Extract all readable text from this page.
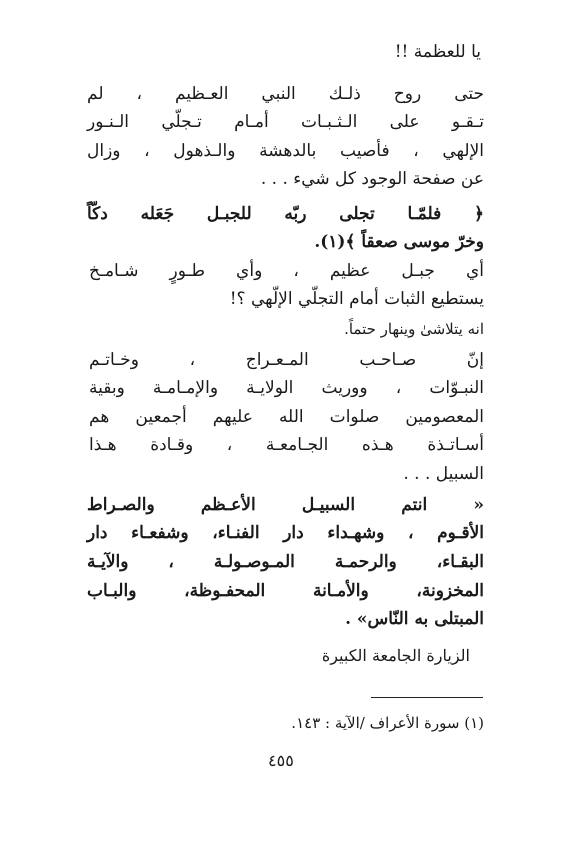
يا للعظمة !!
حتى روح ذلـك النبي العـظيم ، لم
تـقـو على الـثـبـات أمـام تـجلّي الـنـور
الإلهي ، فأصيب بالدهشة والـذهول ، وزال
عن صفحة الوجود كل شيء . . .
﴿ فلمّـا تجلى ربّه للجبـل جَعَله دكّاً
وخرّ موسى صعقاً ﴾(١).
أي جبـل عظيم ، وأي طـورٍ شـامـخ
يستطيع الثبات أمام التجلّي الإلّهي ؟!
انه يتلاشىٰ وينهار حتماً.
إنّ صـاحـب المـعـراج ، وخـاتـم
النبـوّات ، ووريث الولايـة والإمـامـة وبقية
المعصومين صلوات الله عليهم أجمعين هم
أسـاتـذة هـذه الجـامعـة ، وقـادة هـذا
السبيل . . .
« انتم السبيـل الأعـظم والصـراط
الأقـوم ، وشهـداء دار الفنـاء، وشفعـاء دار
البقـاء، والرحمـة المـوصـولـة ، والآيـة
المخزونة، والأمـانة المحفـوظة، والبـاب
المبتلى به النّاس» .
الزيارة الجامعة الكبيرة
(١) سورة الأعراف /الآية : ١٤٣.
٤٥٥
